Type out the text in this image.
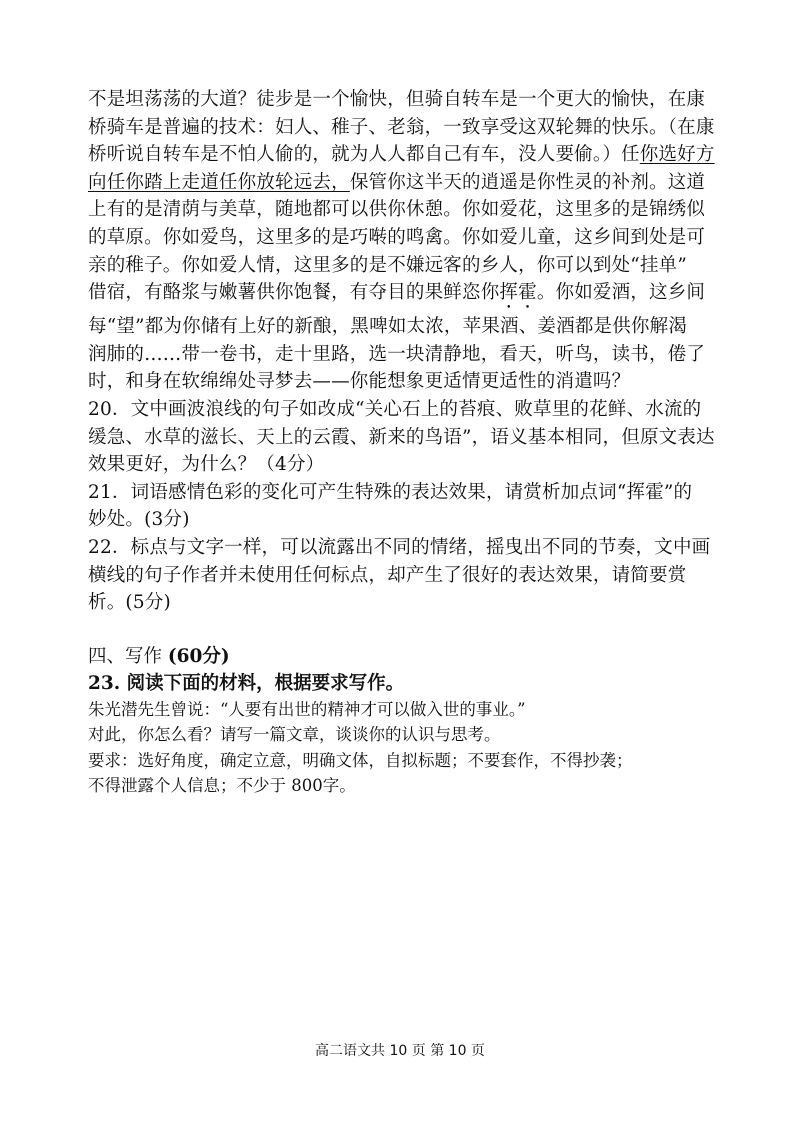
不是坦荡荡的大道？徒步是一个愉快，但骑自转车是一个更大的愉快，在康
桥骑车是普遍的技术：妇人、稚子、老翁，一致享受这双轮舞的快乐。（在康
桥听说自转车是不怕人偷的，就为人人都自己有车，没人要偷。）任你选好方
向任你踏上走道任你放轮远去，保管你这半天的逍遥是你性灵的补剂。这道
上有的是清荫与美草，随地都可以供你休憩。你如爱花，这里多的是锦绣似
的草原。你如爱鸟，这里多的是巧啭的鸣禽。你如爱儿童，这乡间到处是可
亲的稚子。你如爱人情，这里多的是不嫌远客的乡人，你可以到处“挂单”
借宿，有酪浆与嫩薯供你饱餐，有夺目的果鲜恣你挥霍。你如爱酒，这乡间
每“望”都为你储有上好的新酿，黑啤如太浓，苹果酒、姜酒都是供你解渴
润肺的……带一卷书，走十里路，选一块清静地，看天，听鸟，读书，倦了
时，和身在软绵绵处寻梦去——你能想象更适情更适性的消遣吗？
20．文中画波浪线的句子如改成“关心石上的苔痕、败草里的花鲜、水流的
缓急、水草的滋长、天上的云霞、新来的鸟语”，语义基本相同，但原文表达
效果更好，为什么？（4分）
21．词语感情色彩的变化可产生特殊的表达效果，请赏析加点词“挥霍”的
妙处。(3分)
22．标点与文字一样，可以流露出不同的情绪，摇曳出不同的节奏，文中画
横线的句子作者并未使用任何标点，却产生了很好的表达效果，请简要赏
析。(5分)
四、写作 (60分)
23. 阅读下面的材料，根据要求写作。
朱光潜先生曾说：“人要有出世的精神才可以做入世的事业。”
对此，你怎么看？请写一篇文章，谈谈你的认识与思考。
要求：选好角度，确定立意，明确文体，自拟标题；不要套作，不得抄袭；
不得泄露个人信息；不少于 800字。
高二语文共 10 页 第 10 页
